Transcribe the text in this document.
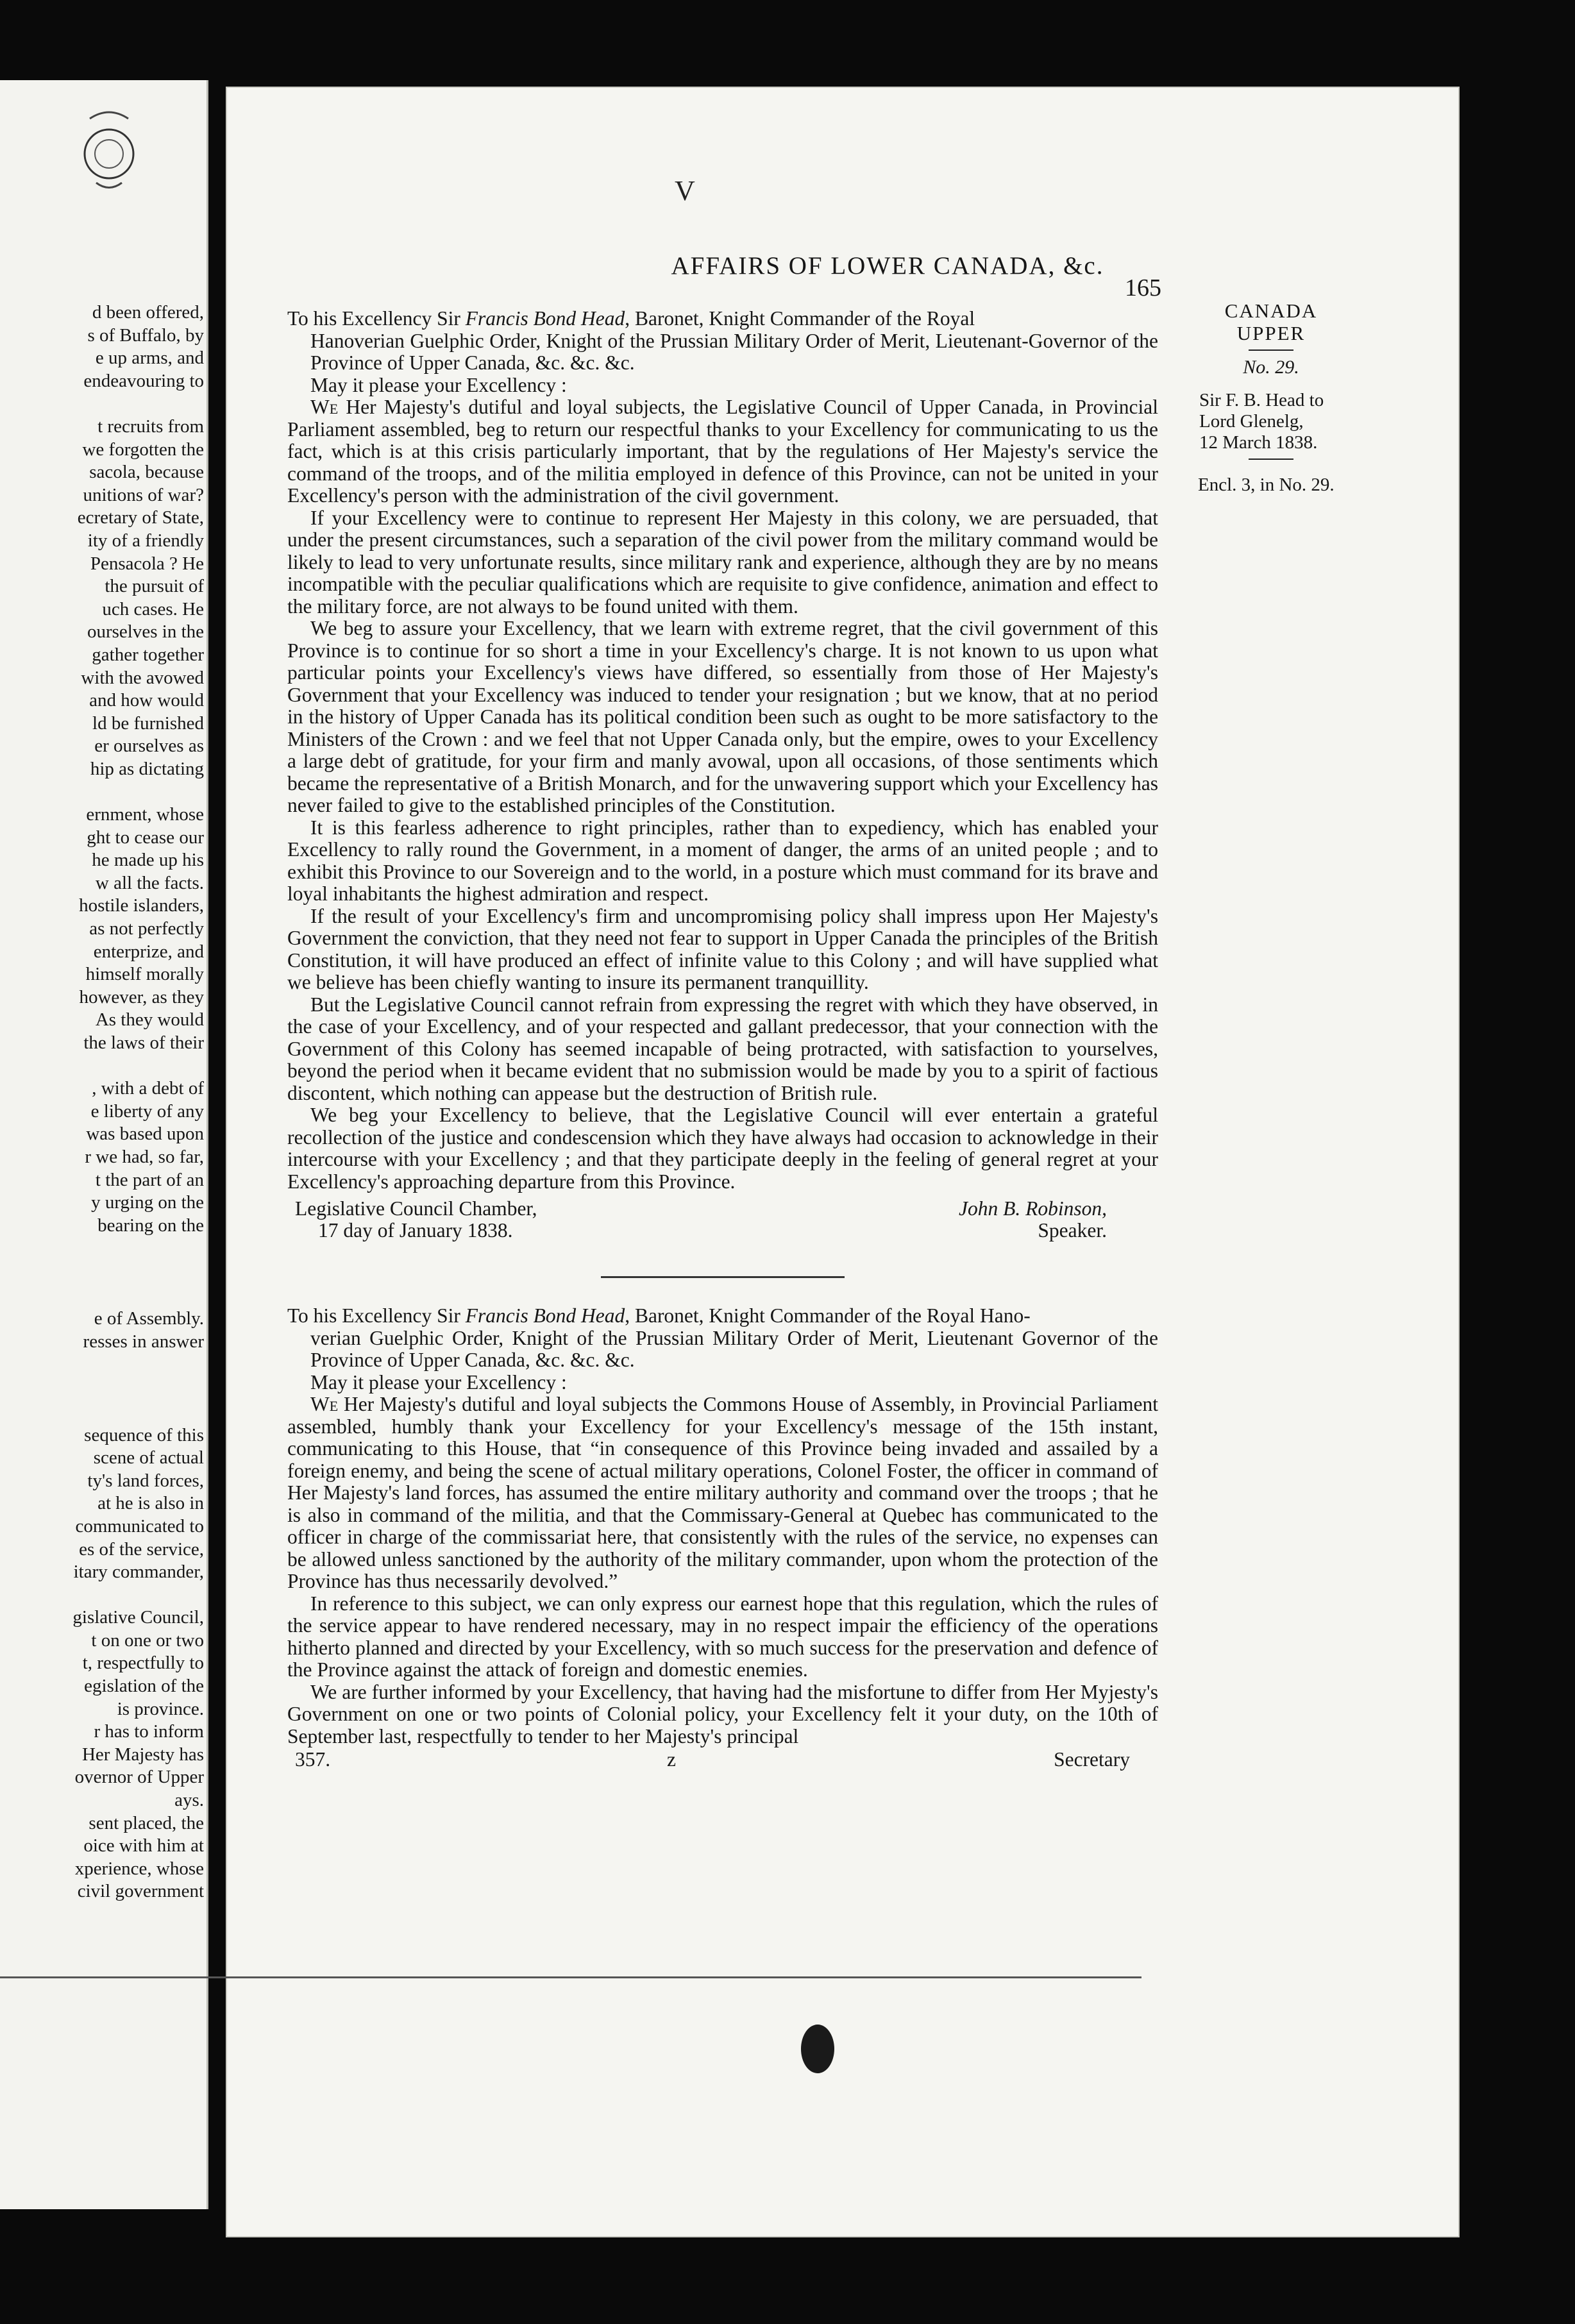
d been offered,
s of Buffalo, by
e up arms, and
endeavouring to
t recruits from
we forgotten the
sacola, because
unitions of war?
ecretary of State,
ity of a friendly
Pensacola ? He
the pursuit of
uch cases. He
ourselves in the
gather together
with the avowed
and how would
ld be furnished
er ourselves as
hip as dictating
ernment, whose
ght to cease our
he made up his
w all the facts.
hostile islanders,
as not perfectly
enterprize, and
himself morally
however, as they
As they would
the laws of their
, with a debt of
e liberty of any
was based upon
r we had, so far,
t the part of an
y urging on the
bearing on the
e of Assembly.
resses in answer
sequence of this
scene of actual
ty's land forces,
at he is also in
communicated to
es of the service,
itary commander,
gislative Council,
t on one or two
t, respectfully to
egislation of the
is province.
r has to inform
Her Majesty has
overnor of Upper
ays.
sent placed, the
oice with him at
xperience, whose
civil government
V
AFFAIRS OF LOWER CANADA, &c.
165
CANADA
UPPER
No. 29.
Sir F. B. Head to
Lord Glenelg,
12 March 1838.
Encl. 3, in No. 29.

To his Excellency Sir Francis Bond Head, Baronet, Knight Commander of the Royal
Hanoverian Guelphic Order, Knight of the Prussian Military Order of Merit, Lieutenant-Governor of the Province of Upper Canada, &c. &c. &c.

May it please your Excellency :

We Her Majesty's dutiful and loyal subjects, the Legislative Council of Upper Canada, in Provincial Parliament assembled, beg to return our respectful thanks to your Excellency for communicating to us the fact, which is at this crisis particularly important, that by the regulations of Her Majesty's service the command of the troops, and of the militia employed in defence of this Province, can not be united in your Excellency's person with the administration of the civil government.

If your Excellency were to continue to represent Her Majesty in this colony, we are persuaded, that under the present circumstances, such a separation of the civil power from the military command would be likely to lead to very unfortunate results, since military rank and experience, although they are by no means incompatible with the peculiar qualifications which are requisite to give confidence, animation and effect to the military force, are not always to be found united with them.

We beg to assure your Excellency, that we learn with extreme regret, that the civil government of this Province is to continue for so short a time in your Excellency's charge. It is not known to us upon what particular points your Excellency's views have differed, so essentially from those of Her Majesty's Government that your Excellency was induced to tender your resignation ; but we know, that at no period in the history of Upper Canada has its political condition been such as ought to be more satisfactory to the Ministers of the Crown : and we feel that not Upper Canada only, but the empire, owes to your Excellency a large debt of gratitude, for your firm and manly avowal, upon all occasions, of those sentiments which became the representative of a British Monarch, and for the unwavering support which your Excellency has never failed to give to the established principles of the Constitution.

It is this fearless adherence to right principles, rather than to expediency, which has enabled your Excellency to rally round the Government, in a moment of danger, the arms of an united people ; and to exhibit this Province to our Sovereign and to the world, in a posture which must command for its brave and loyal inhabitants the highest admiration and respect.

If the result of your Excellency's firm and uncompromising policy shall impress upon Her Majesty's Government the conviction, that they need not fear to support in Upper Canada the principles of the British Constitution, it will have produced an effect of infinite value to this Colony ; and will have supplied what we believe has been chiefly wanting to insure its permanent tranquillity.

But the Legislative Council cannot refrain from expressing the regret with which they have observed, in the case of your Excellency, and of your respected and gallant predecessor, that your connection with the Government of this Colony has seemed incapable of being protracted, with satisfaction to yourselves, beyond the period when it became evident that no submission would be made by you to a spirit of factious discontent, which nothing can appease but the destruction of British rule.

We beg your Excellency to believe, that the Legislative Council will ever entertain a grateful recollection of the justice and condescension which they have always had occasion to acknowledge in their intercourse with your Excellency ; and that they participate deeply in the feeling of general regret at your Excellency's approaching departure from this Province.

Legislative Council Chamber,
17 day of January 1838.
John B. Robinson,
Speaker.

To his Excellency Sir Francis Bond Head, Baronet, Knight Commander of the Royal Hano-
verian Guelphic Order, Knight of the Prussian Military Order of Merit, Lieutenant Governor of the Province of Upper Canada, &c. &c. &c.

May it please your Excellency :

We Her Majesty's dutiful and loyal subjects the Commons House of Assembly, in Provincial Parliament assembled, humbly thank your Excellency for your Excellency's message of the 15th instant, communicating to this House, that “in consequence of this Province being invaded and assailed by a foreign enemy, and being the scene of actual military operations, Colonel Foster, the officer in command of Her Majesty's land forces, has assumed the entire military authority and command over the troops ; that he is also in command of the militia, and that the Commissary-General at Quebec has communicated to the officer in charge of the commissariat here, that consistently with the rules of the service, no expenses can be allowed unless sanctioned by the authority of the military commander, upon whom the protection of the Province has thus necessarily devolved.”

In reference to this subject, we can only express our earnest hope that this regulation, which the rules of the service appear to have rendered necessary, may in no respect impair the efficiency of the operations hitherto planned and directed by your Excellency, with so much success for the preservation and defence of the Province against the attack of foreign and domestic enemies.

We are further informed by your Excellency, that having had the misfortune to differ from Her Myjesty's Government on one or two points of Colonial policy, your Excellency felt it your duty, on the 10th of September last, respectfully to tender to her Majesty's principal

357.	z	Secretary
